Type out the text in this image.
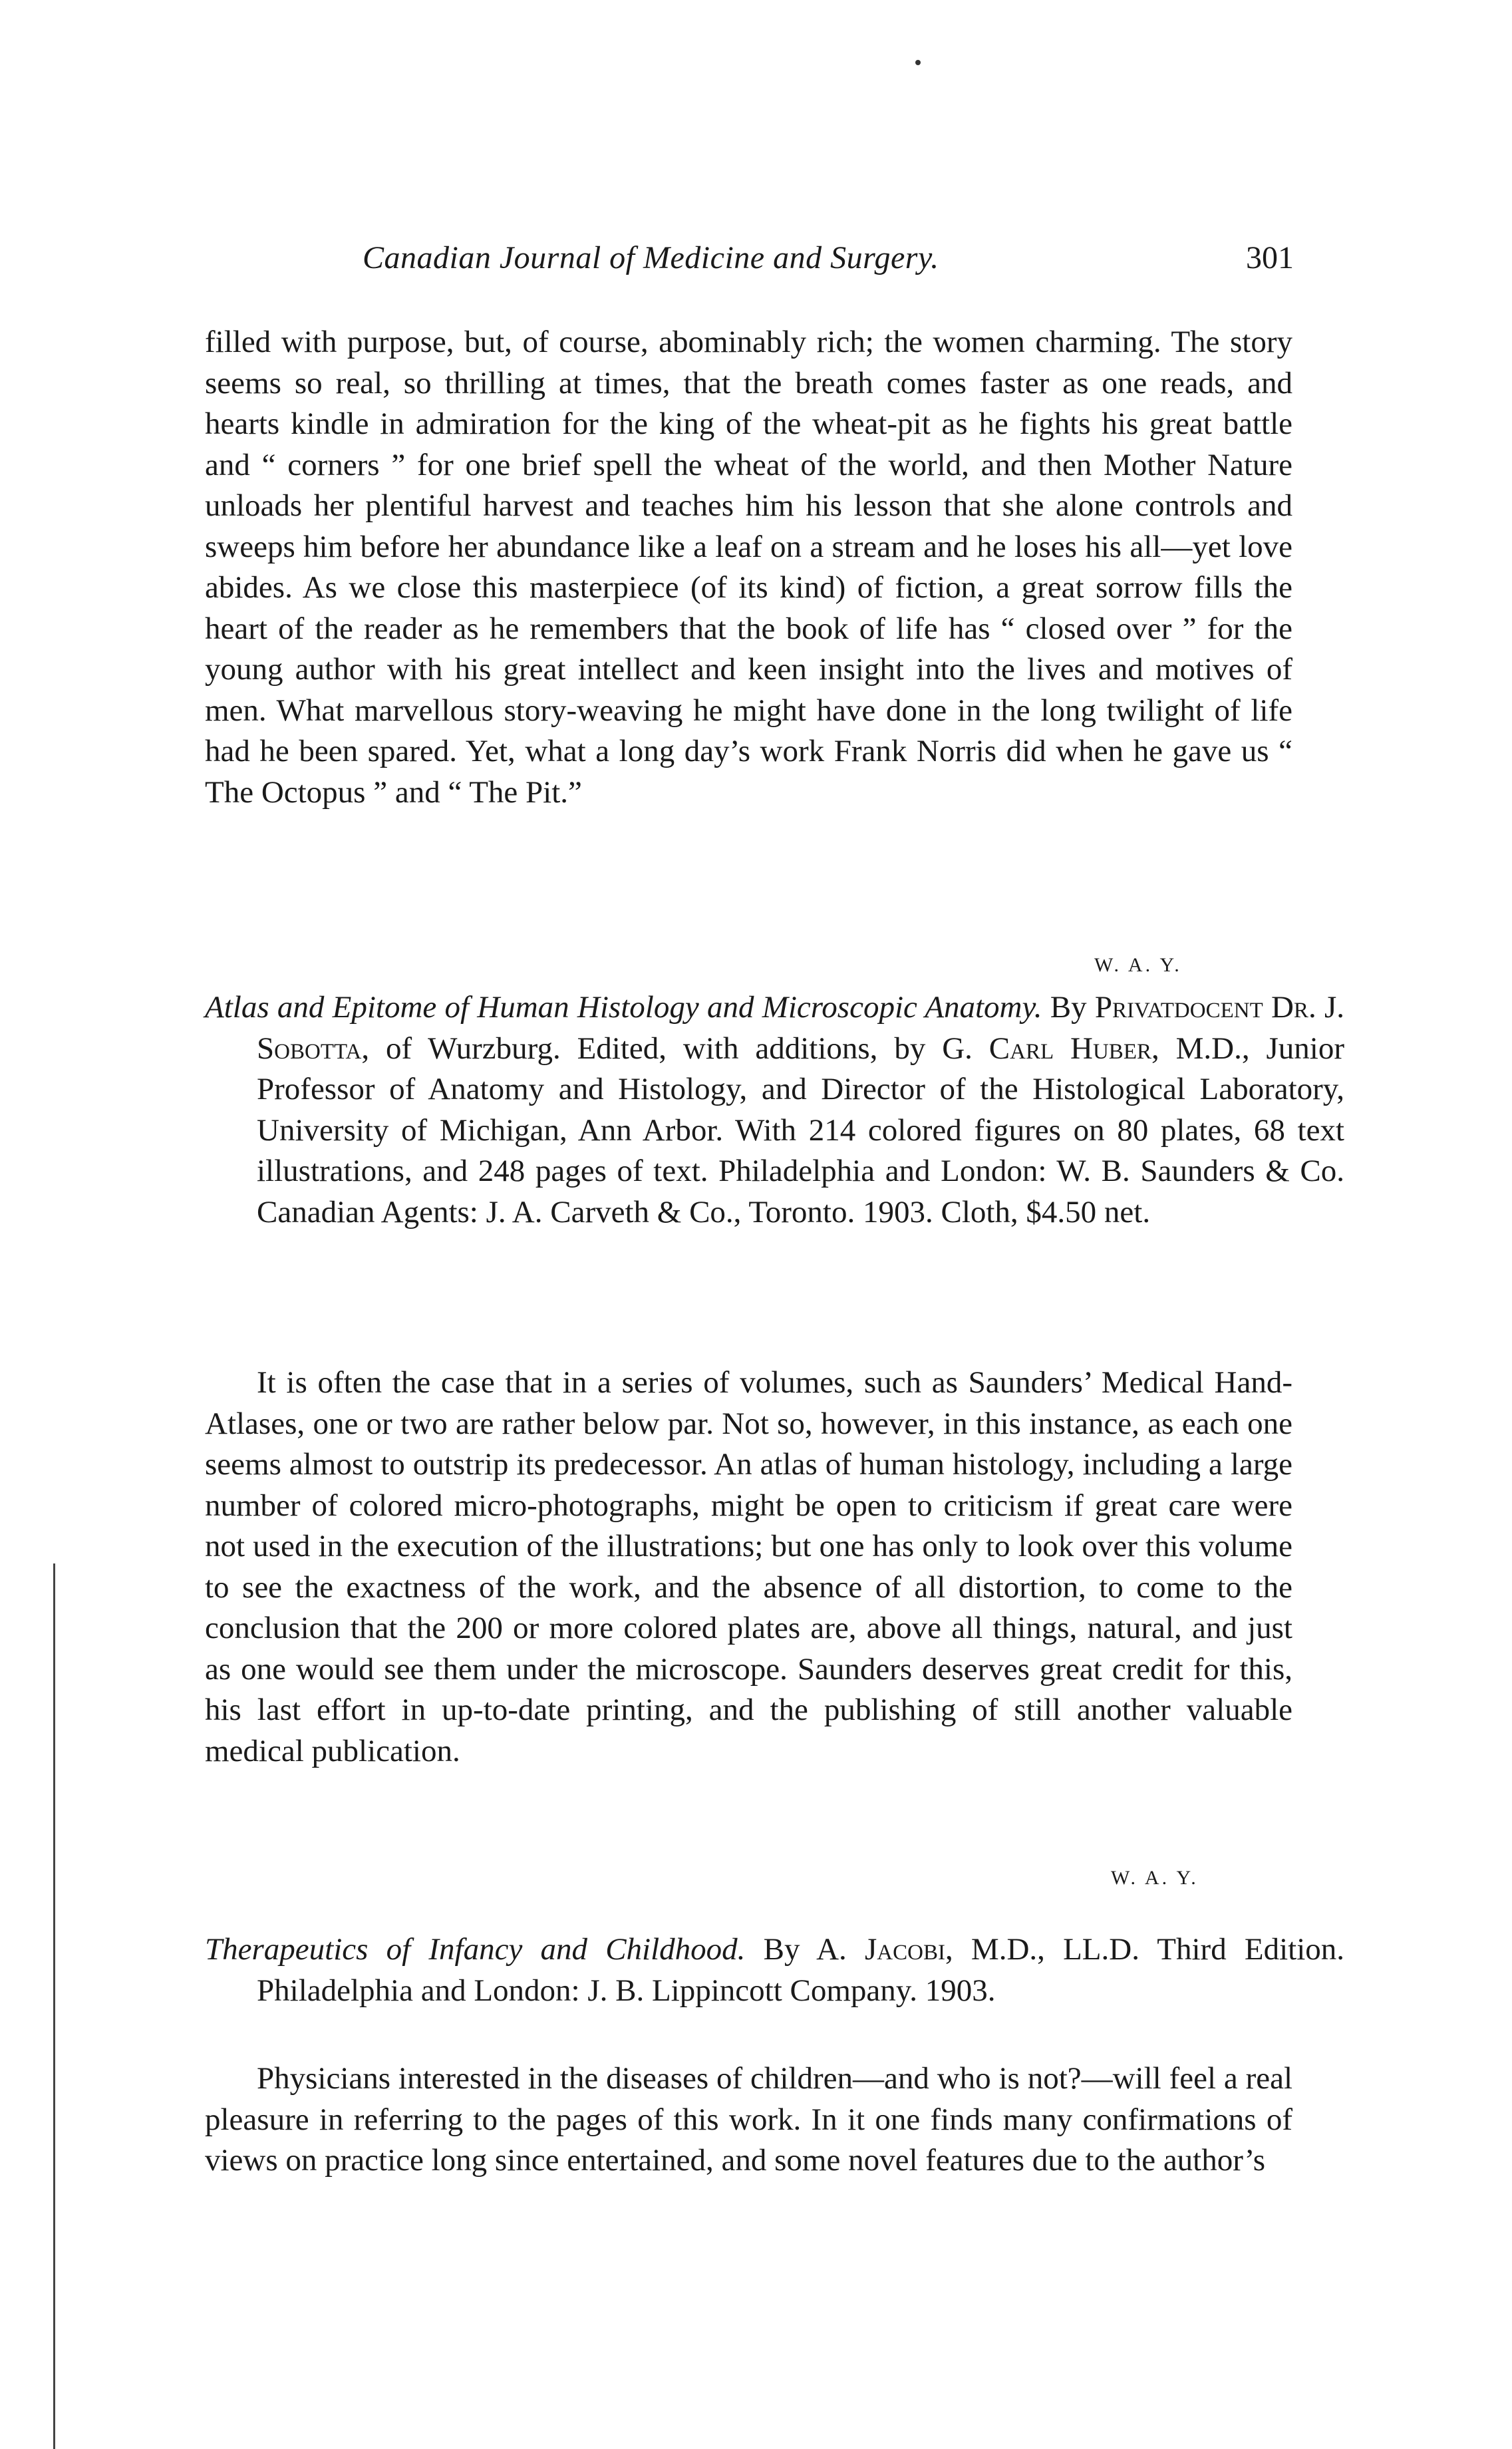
Canadian Journal of Medicine and Surgery.	301

filled with purpose, but, of course, abominably rich; the women charming. The story seems so real, so thrilling at times, that the breath comes faster as one reads, and hearts kindle in admiration for the king of the wheat-pit as he fights his great battle and “ corners ” for one brief spell the wheat of the world, and then Mother Nature unloads her plentiful harvest and teaches him his lesson that she alone controls and sweeps him before her abundance like a leaf on a stream and he loses his all—yet love abides. As we close this masterpiece (of its kind) of fiction, a great sorrow fills the heart of the reader as he remembers that the book of life has “ closed over ” for the young author with his great intellect and keen insight into the lives and motives of men. What marvellous story-weaving he might have done in the long twilight of life had he been spared. Yet, what a long day’s work Frank Norris did when he gave us “ The Octopus ” and “ The Pit.”

W. A. Y.
Atlas and Epitome of Human Histology and Microscopic Anatomy. By Privatdocent Dr. J. Sobotta, of Wurzburg. Edited, with additions, by G. Carl Huber, M.D., Junior Professor of Anatomy and Histology, and Director of the Histological Laboratory, University of Michigan, Ann Arbor. With 214 colored figures on 80 plates, 68 text illustrations, and 248 pages of text. Philadelphia and London: W. B. Saunders & Co. Canadian Agents: J. A. Carveth & Co., Toronto. 1903. Cloth, $4.50 net.

It is often the case that in a series of volumes, such as Saunders’ Medical Hand-Atlases, one or two are rather below par. Not so, however, in this instance, as each one seems almost to outstrip its predecessor. An atlas of human histology, including a large number of colored micro-photographs, might be open to criticism if great care were not used in the execution of the illustrations; but one has only to look over this volume to see the exactness of the work, and the absence of all distortion, to come to the conclusion that the 200 or more colored plates are, above all things, natural, and just as one would see them under the microscope. Saunders deserves great credit for this, his last effort in up-to-date printing, and the publishing of still another valuable medical publication.

W. A. Y.
Therapeutics of Infancy and Childhood. By A. Jacobi, M.D., LL.D. Third Edition. Philadelphia and London: J. B. Lippincott Company. 1903.

Physicians interested in the diseases of children—and who is not?—will feel a real pleasure in referring to the pages of this work. In it one finds many confirmations of views on practice long since entertained, and some novel features due to the author’s
